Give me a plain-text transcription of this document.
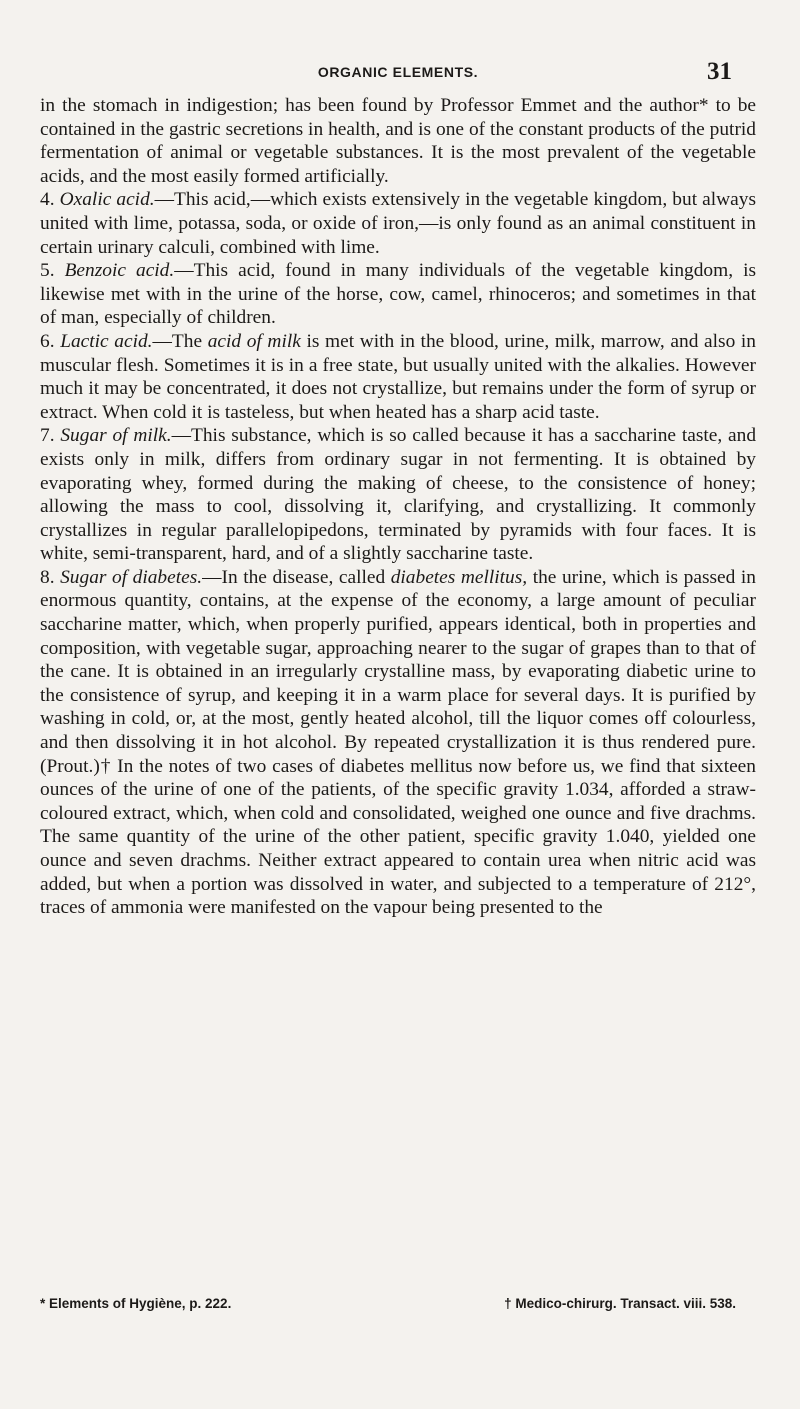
ORGANIC ELEMENTS.	31

in the stomach in indigestion; has been found by Professor Emmet and the author* to be contained in the gastric secretions in health, and is one of the constant products of the putrid fermentation of animal or vegetable substances. It is the most prevalent of the vegetable acids, and the most easily formed artificially.

4. Oxalic acid.—This acid,—which exists extensively in the vegetable kingdom, but always united with lime, potassa, soda, or oxide of iron,—is only found as an animal constituent in certain urinary calculi, combined with lime.

5. Benzoic acid.—This acid, found in many individuals of the vegetable kingdom, is likewise met with in the urine of the horse, cow, camel, rhinoceros; and sometimes in that of man, especially of children.

6. Lactic acid.—The acid of milk is met with in the blood, urine, milk, marrow, and also in muscular flesh. Sometimes it is in a free state, but usually united with the alkalies. However much it may be concentrated, it does not crystallize, but remains under the form of syrup or extract. When cold it is tasteless, but when heated has a sharp acid taste.

7. Sugar of milk.—This substance, which is so called because it has a saccharine taste, and exists only in milk, differs from ordinary sugar in not fermenting. It is obtained by evaporating whey, formed during the making of cheese, to the consistence of honey; allowing the mass to cool, dissolving it, clarifying, and crystallizing. It commonly crystallizes in regular parallelopipedons, terminated by pyramids with four faces. It is white, semi-transparent, hard, and of a slightly saccharine taste.

8. Sugar of diabetes.—In the disease, called diabetes mellitus, the urine, which is passed in enormous quantity, contains, at the expense of the economy, a large amount of peculiar saccharine matter, which, when properly purified, appears identical, both in properties and composition, with vegetable sugar, approaching nearer to the sugar of grapes than to that of the cane. It is obtained in an irregularly crystalline mass, by evaporating diabetic urine to the consistence of syrup, and keeping it in a warm place for several days. It is purified by washing in cold, or, at the most, gently heated alcohol, till the liquor comes off colourless, and then dissolving it in hot alcohol. By repeated crystallization it is thus rendered pure. (Prout.)† In the notes of two cases of diabetes mellitus now before us, we find that sixteen ounces of the urine of one of the patients, of the specific gravity 1.034, afforded a straw-coloured extract, which, when cold and consolidated, weighed one ounce and five drachms. The same quantity of the urine of the other patient, specific gravity 1.040, yielded one ounce and seven drachms. Neither extract appeared to contain urea when nitric acid was added, but when a portion was dissolved in water, and subjected to a temperature of 212°, traces of ammonia were manifested on the vapour being presented to the

* Elements of Hygiène, p. 222.	† Medico-chirurg. Transact. viii. 538.
